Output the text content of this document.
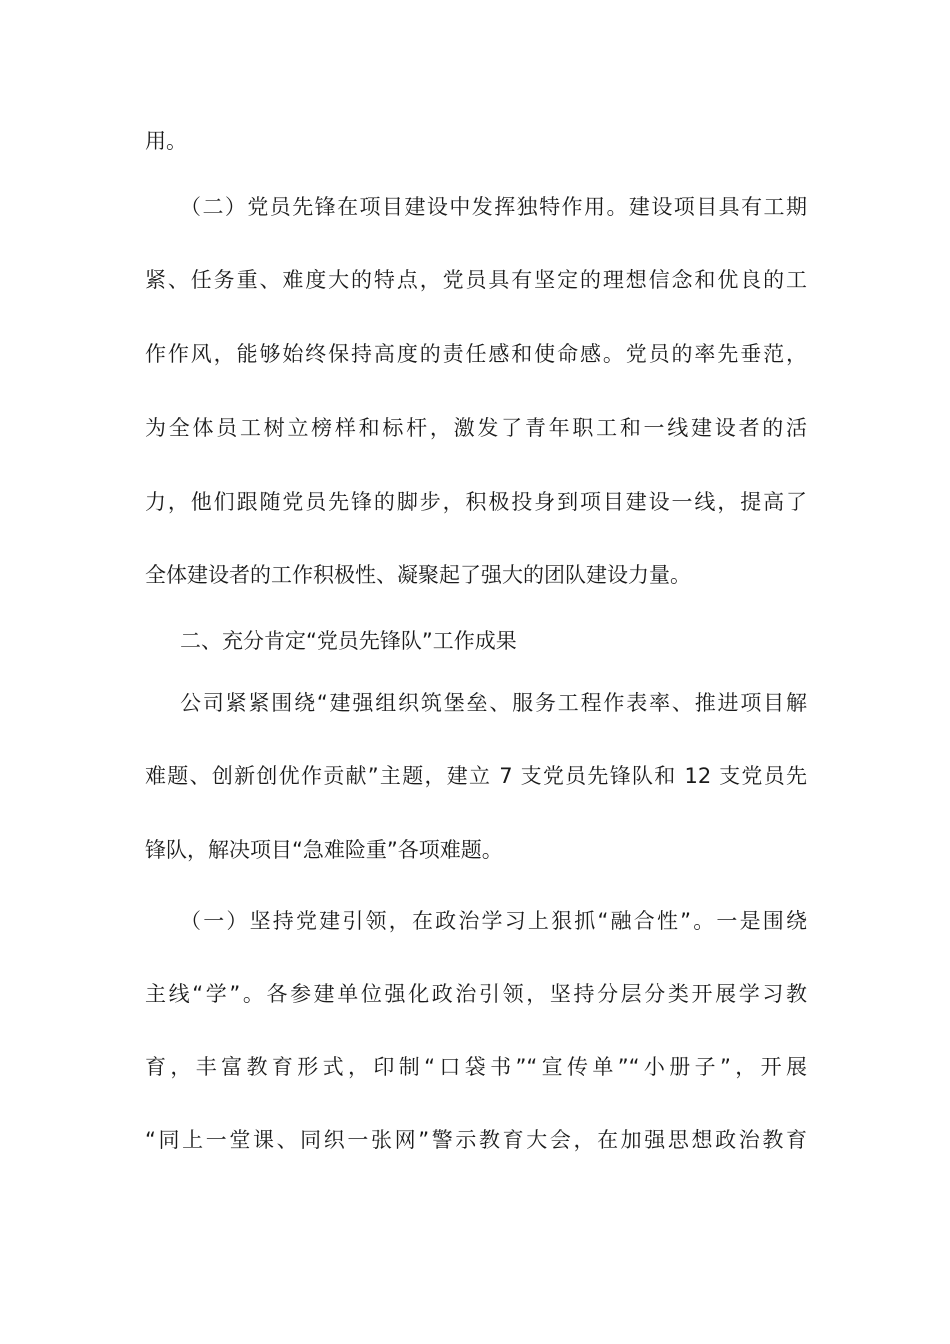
用。
（二）党员先锋在项目建设中发挥独特作用。建设项目具有工期
紧、任务重、难度大的特点，党员具有坚定的理想信念和优良的工
作作风，能够始终保持高度的责任感和使命感。党员的率先垂范，
为全体员工树立榜样和标杆，激发了青年职工和一线建设者的活
力，他们跟随党员先锋的脚步，积极投身到项目建设一线，提高了
全体建设者的工作积极性、凝聚起了强大的团队建设力量。
二、充分肯定“党员先锋队”工作成果
公司紧紧围绕“建强组织筑堡垒、服务工程作表率、推进项目解
难题、创新创优作贡献”主题，建立 7 支党员先锋队和 12 支党员先
锋队，解决项目“急难险重”各项难题。
（一）坚持党建引领，在政治学习上狠抓“融合性”。一是围绕
主线“学”。各参建单位强化政治引领，坚持分层分类开展学习教
育，丰富教育形式，印制“口袋书”“宣传单”“小册子”，开展
“同上一堂课、同织一张网”警示教育大会，在加强思想政治教育
